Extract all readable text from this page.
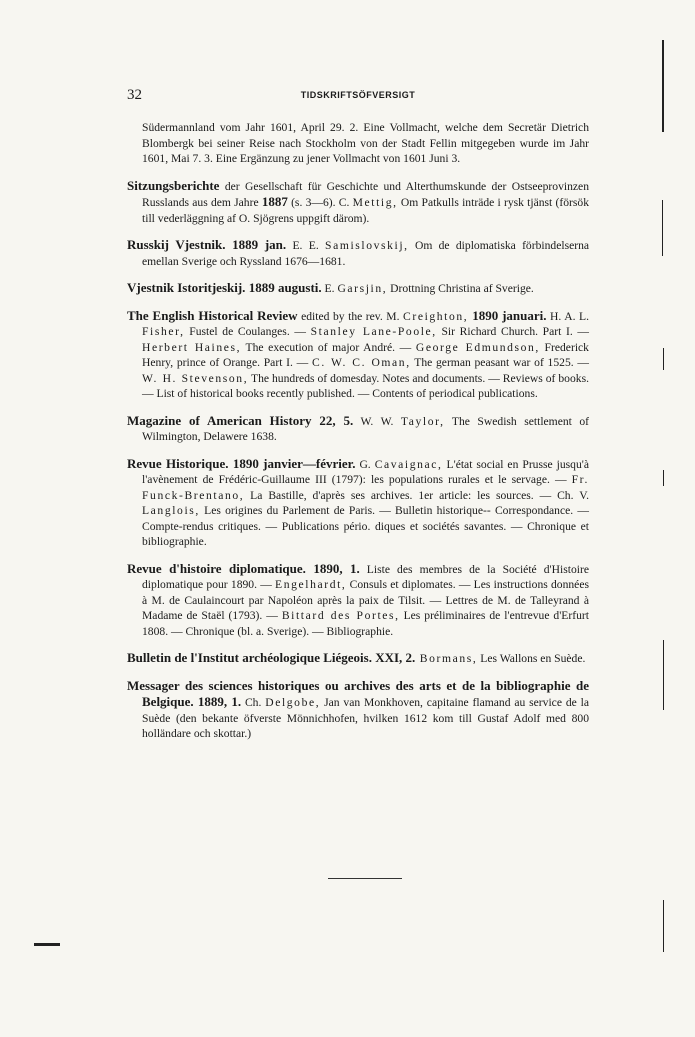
32	TIDSKRIFTSÖFVERSIGT

Südermannland vom Jahr 1601, April 29. 2. Eine Vollmacht, welche dem Secretär Dietrich Blombergk bei seiner Reise nach Stockholm von der Stadt Fellin mitgegeben wurde im Jahr 1601, Mai 7. 3. Eine Ergänzung zu jener Vollmacht von 1601 Juni 3.

Sitzungsberichte der Gesellschaft für Geschichte und Alterthumskunde der Ostseeprovinzen Russlands aus dem Jahre 1887 (s. 3—6). C. Mettig, Om Patkulls inträde i rysk tjänst (försök till vederläggning af O. Sjögrens uppgift därom).

Russkij Vjestnik. 1889 jan. E. E. Samislovskij, Om de diplomatiska förbindelserna emellan Sverige och Ryssland 1676—1681.

Vjestnik Istoritjeskij. 1889 augusti. E. Garsjin, Drottning Christina af Sverige.

The English Historical Review edited by the rev. M. Creighton, 1890 januari. H. A. L. Fisher, Fustel de Coulanges. — Stanley Lane-Poole, Sir Richard Church. Part I. — Herbert Haines, The execution of major André. — George Edmundson, Frederick Henry, prince of Orange. Part I. — C. W. C. Oman, The german peasant war of 1525. — W. H. Stevenson, The hundreds of domesday. Notes and documents. — Reviews of books. — List of historical books recently published. — Contents of periodical publications.

Magazine of American History 22, 5. W. W. Taylor, The Swedish settlement of Wilmington, Delawere 1638.

Revue Historique. 1890 janvier—février. G. Cavaignac, L'état social en Prusse jusqu'à l'avènement de Frédéric-Guillaume III (1797): les populations rurales et le servage. — Fr. Funck-Brentano, La Bastille, d'après ses archives. 1er article: les sources. — Ch. V. Langlois, Les origines du Parlement de Paris. — Bulletin historique-- Correspondance. — Compte-rendus critiques. — Publications pério. diques et sociétés savantes. — Chronique et bibliographie.

Revue d'histoire diplomatique. 1890, 1. Liste des membres de la Société d'Histoire diplomatique pour 1890. — Engelhardt, Consuls et diplomates. — Les instructions données à M. de Caulaincourt par Napoléon après la paix de Tilsit. — Lettres de M. de Talleyrand à Madame de Staël (1793). — Bittard des Portes, Les préliminaires de l'entrevue d'Erfurt 1808. — Chronique (bl. a. Sverige). — Bibliographie.

Bulletin de l'Institut archéologique Liégeois. XXI, 2. Bormans, Les Wallons en Suède.

Messager des sciences historiques ou archives des arts et de la bibliographie de Belgique. 1889, 1. Ch. Delgobe, Jan van Monkhoven, capitaine flamand au service de la Suède (den bekante öfverste Mönnichhofen, hvilken 1612 kom till Gustaf Adolf med 800 holländare och skottar.)
